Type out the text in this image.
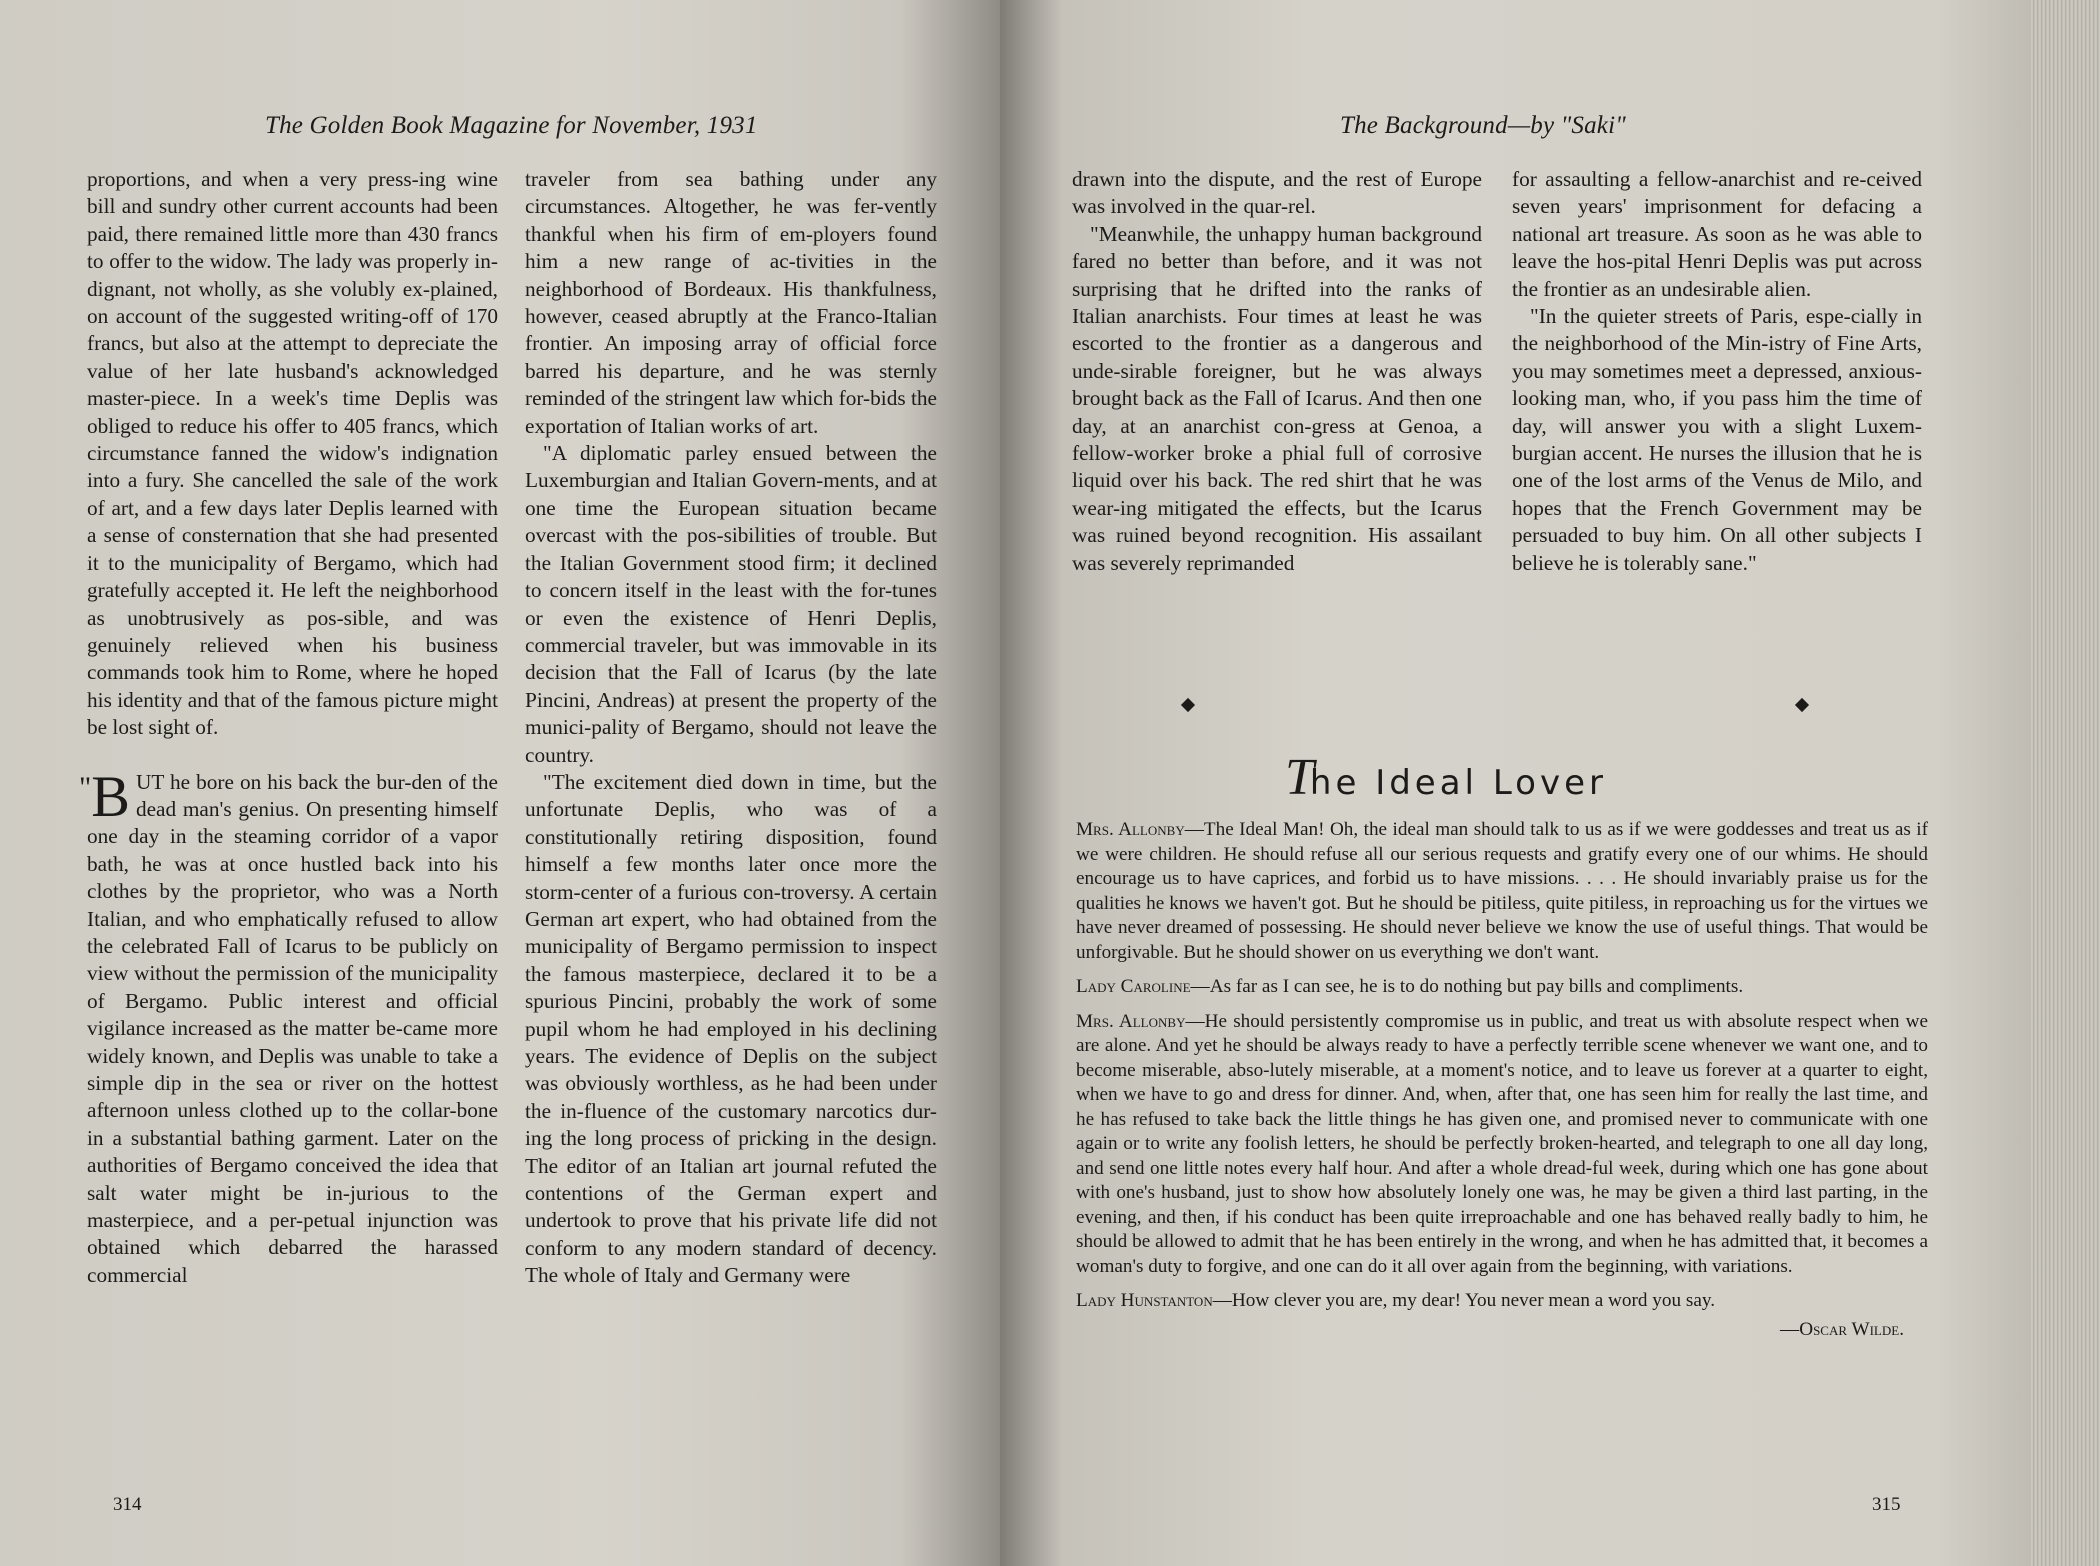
The Golden Book Magazine for November, 1931

proportions, and when a very press-ing wine bill and sundry other current accounts had been paid, there remained little more than 430 francs to offer to the widow. The lady was properly in-dignant, not wholly, as she volubly ex-plained, on account of the suggested writing-off of 170 francs, but also at the attempt to depreciate the value of her late husband's acknowledged master-piece. In a week's time Deplis was obliged to reduce his offer to 405 francs, which circumstance fanned the widow's indignation into a fury. She cancelled the sale of the work of art, and a few days later Deplis learned with a sense of consternation that she had presented it to the municipality of Bergamo, which had gratefully accepted it. He left the neighborhood as unobtrusively as pos-sible, and was genuinely relieved when his business commands took him to Rome, where he hoped his identity and that of the famous picture might be lost sight of.

"B UT he bore on his back the bur-den of the dead man's genius. On presenting himself one day in the steaming corridor of a vapor bath, he was at once hustled back into his clothes by the proprietor, who was a North Italian, and who emphatically refused to allow the celebrated Fall of Icarus to be publicly on view without the permission of the municipality of Bergamo. Public interest and official vigilance increased as the matter be-came more widely known, and Deplis was unable to take a simple dip in the sea or river on the hottest afternoon unless clothed up to the collar-bone in a substantial bathing garment. Later on the authorities of Bergamo conceived the idea that salt water might be in-jurious to the masterpiece, and a per-petual injunction was obtained which debarred the harassed commercial

traveler from sea bathing under any circumstances. Altogether, he was fer-vently thankful when his firm of em-ployers found him a new range of ac-tivities in the neighborhood of Bordeaux. His thankfulness, however, ceased abruptly at the Franco-Italian frontier. An imposing array of official force barred his departure, and he was sternly reminded of the stringent law which for-bids the exportation of Italian works of art.

"A diplomatic parley ensued between the Luxemburgian and Italian Govern-ments, and at one time the European situation became overcast with the pos-sibilities of trouble. But the Italian Government stood firm; it declined to concern itself in the least with the for-tunes or even the existence of Henri Deplis, commercial traveler, but was immovable in its decision that the Fall of Icarus (by the late Pincini, Andreas) at present the property of the munici-pality of Bergamo, should not leave the country.

"The excitement died down in time, but the unfortunate Deplis, who was of a constitutionally retiring disposition, found himself a few months later once more the storm-center of a furious con-troversy. A certain German art expert, who had obtained from the municipality of Bergamo permission to inspect the famous masterpiece, declared it to be a spurious Pincini, probably the work of some pupil whom he had employed in his declining years. The evidence of Deplis on the subject was obviously worthless, as he had been under the in-fluence of the customary narcotics dur-ing the long process of pricking in the design. The editor of an Italian art journal refuted the contentions of the German expert and undertook to prove that his private life did not conform to any modern standard of decency. The whole of Italy and Germany were

314
The Background—by "Saki"

drawn into the dispute, and the rest of Europe was involved in the quar-rel.

"Meanwhile, the unhappy human background fared no better than before, and it was not surprising that he drifted into the ranks of Italian anarchists. Four times at least he was escorted to the frontier as a dangerous and unde-sirable foreigner, but he was always brought back as the Fall of Icarus. And then one day, at an anarchist con-gress at Genoa, a fellow-worker broke a phial full of corrosive liquid over his back. The red shirt that he was wear-ing mitigated the effects, but the Icarus was ruined beyond recognition. His assailant was severely reprimanded

for assaulting a fellow-anarchist and re-ceived seven years' imprisonment for defacing a national art treasure. As soon as he was able to leave the hos-pital Henri Deplis was put across the frontier as an undesirable alien.

"In the quieter streets of Paris, espe-cially in the neighborhood of the Min-istry of Fine Arts, you may sometimes meet a depressed, anxious-looking man, who, if you pass him the time of day, will answer you with a slight Luxem-burgian accent. He nurses the illusion that he is one of the lost arms of the Venus de Milo, and hopes that the French Government may be persuaded to buy him. On all other subjects I believe he is tolerably sane."

The Ideal Lover
Mrs. Allonby—The Ideal Man! Oh, the ideal man should talk to us as if we were goddesses and treat us as if we were children. He should refuse all our serious requests and gratify every one of our whims. He should encourage us to have caprices, and forbid us to have missions. . . . He should invariably praise us for the qualities he knows we haven't got. But he should be pitiless, quite pitiless, in reproaching us for the virtues we have never dreamed of possessing. He should never believe we know the use of useful things. That would be unforgivable. But he should shower on us everything we don't want.
Lady Caroline—As far as I can see, he is to do nothing but pay bills and compliments.
Mrs. Allonby—He should persistently compromise us in public, and treat us with absolute respect when we are alone. And yet he should be always ready to have a perfectly terrible scene whenever we want one, and to become miserable, abso-lutely miserable, at a moment's notice, and to leave us forever at a quarter to eight, when we have to go and dress for dinner. And, when, after that, one has seen him for really the last time, and he has refused to take back the little things he has given one, and promised never to communicate with one again or to write any foolish letters, he should be perfectly broken-hearted, and telegraph to one all day long, and send one little notes every half hour. And after a whole dread-ful week, during which one has gone about with one's husband, just to show how absolutely lonely one was, he may be given a third last parting, in the evening, and then, if his conduct has been quite irreproachable and one has behaved really badly to him, he should be allowed to admit that he has been entirely in the wrong, and when he has admitted that, it becomes a woman's duty to forgive, and one can do it all over again from the beginning, with variations.
Lady Hunstanton—How clever you are, my dear! You never mean a word you say.
—Oscar Wilde.
315
